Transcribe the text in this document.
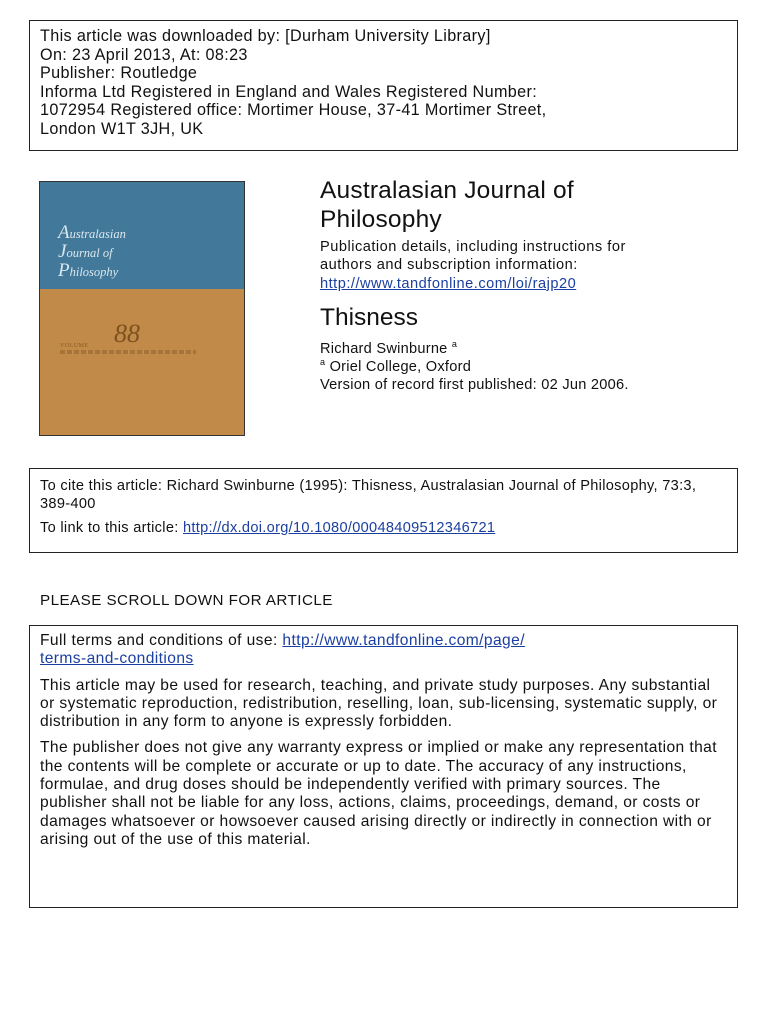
This article was downloaded by: [Durham University Library]
On: 23 April 2013, At: 08:23
Publisher: Routledge
Informa Ltd Registered in England and Wales Registered Number:
1072954 Registered office: Mortimer House, 37-41 Mortimer Street,
London W1T 3JH, UK
Australasian
Journal of
Philosophy
VOLUME 88
Australasian Journal of
Philosophy
Publication details, including instructions for
authors and subscription information:
http://www.tandfonline.com/loi/rajp20
Thisness
Richard Swinburne $^a$
$^a$ Oriel College, Oxford
Version of record first published: 02 Jun 2006.
To cite this article: Richard Swinburne (1995): Thisness, Australasian Journal of Philosophy, 73:3, 389-400
To link to this article: http://dx.doi.org/10.1080/00048409512346721
PLEASE SCROLL DOWN FOR ARTICLE

Full terms and conditions of use: http://www.tandfonline.com/page/
terms-and-conditions

This article may be used for research, teaching, and private study purposes. Any substantial or systematic reproduction, redistribution, reselling, loan, sub-licensing, systematic supply, or distribution in any form to anyone is expressly forbidden.

The publisher does not give any warranty express or implied or make any representation that the contents will be complete or accurate or up to date. The accuracy of any instructions, formulae, and drug doses should be independently verified with primary sources. The publisher shall not be liable for any loss, actions, claims, proceedings, demand, or costs or damages whatsoever or howsoever caused arising directly or indirectly in connection with or arising out of the use of this material.
